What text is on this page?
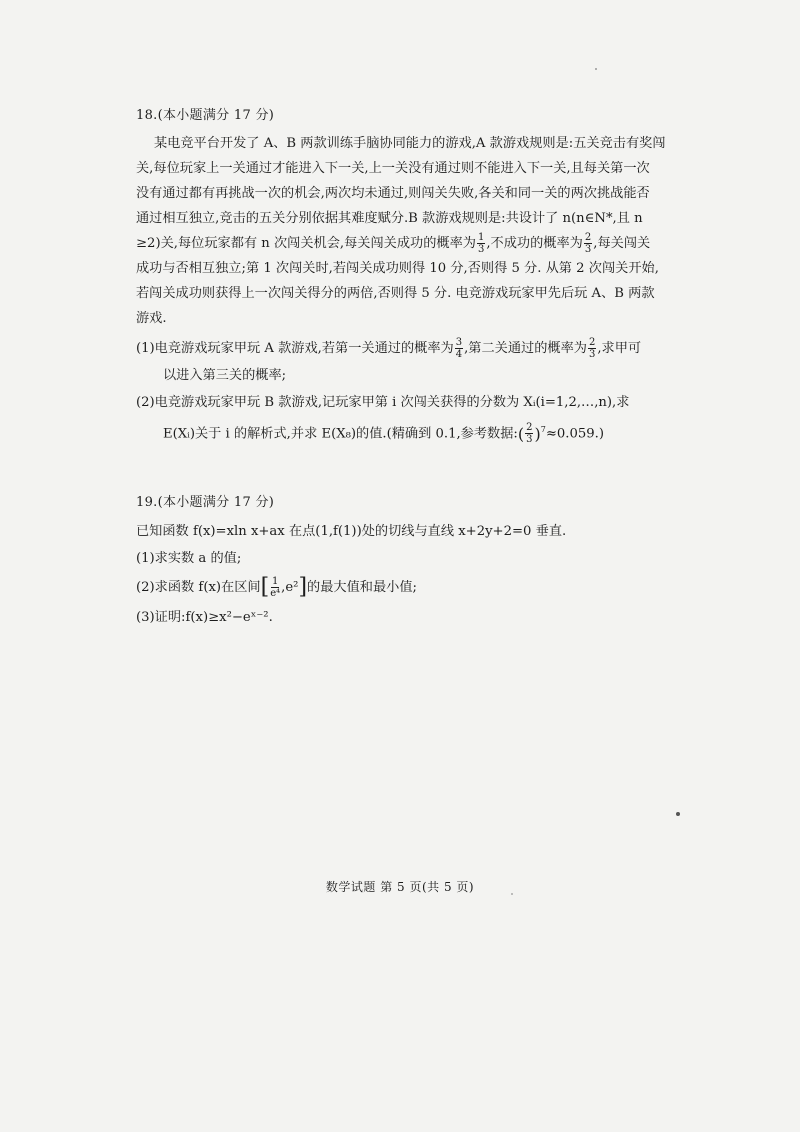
18.(本小题满分 17 分)

某电竞平台开发了 A、B 两款训练手脑协同能力的游戏,A 款游戏规则是:五关竞击有奖闯

关,每位玩家上一关通过才能进入下一关,上一关没有通过则不能进入下一关,且每关第一次

没有通过都有再挑战一次的机会,两次均未通过,则闯关失败,各关和同一关的两次挑战能否

通过相互独立,竞击的五关分别依据其难度赋分.B 款游戏规则是:共设计了 n(n∈N*,且 n

≥2)关,每位玩家都有 n 次闯关机会,每关闯关成功的概率为 $\frac{1}{3}$ ,不成功的概率为 $\frac{2}{3}$ ,每关闯关

成功与否相互独立;第 1 次闯关时,若闯关成功则得 10 分,否则得 5 分. 从第 2 次闯关开始,

若闯关成功则获得上一次闯关得分的两倍,否则得 5 分. 电竞游戏玩家甲先后玩 A、B 两款

游戏.

(1)电竞游戏玩家甲玩 A 款游戏,若第一关通过的概率为 $\frac{3}{4}$ ,第二关通过的概率为 $\frac{2}{3}$ ,求甲可
以进入第三关的概率;
(2)电竞游戏玩家甲玩 B 款游戏,记玩家甲第 i 次闯关获得的分数为 Xᵢ(i=1,2,…,n),求
E(Xᵢ)关于 i 的解析式,并求 E(X₈)的值.(精确到 0.1,参考数据:( $\frac{2}{3} )^7\approx 0.059$.)

19.(本小题满分 17 分)

已知函数 f(x)=xln x+ax 在点(1,f(1))处的切线与直线 x+2y+2=0 垂直.
(1)求实数 a 的值;
(2)求函数 f(x)在区间[ $\frac{1}{\text{e⁴}} ,e^2$]的最大值和最小值;
(3)证明:f(x)≥x²−eˣ⁻².
数学试题 第 5 页(共 5 页)
